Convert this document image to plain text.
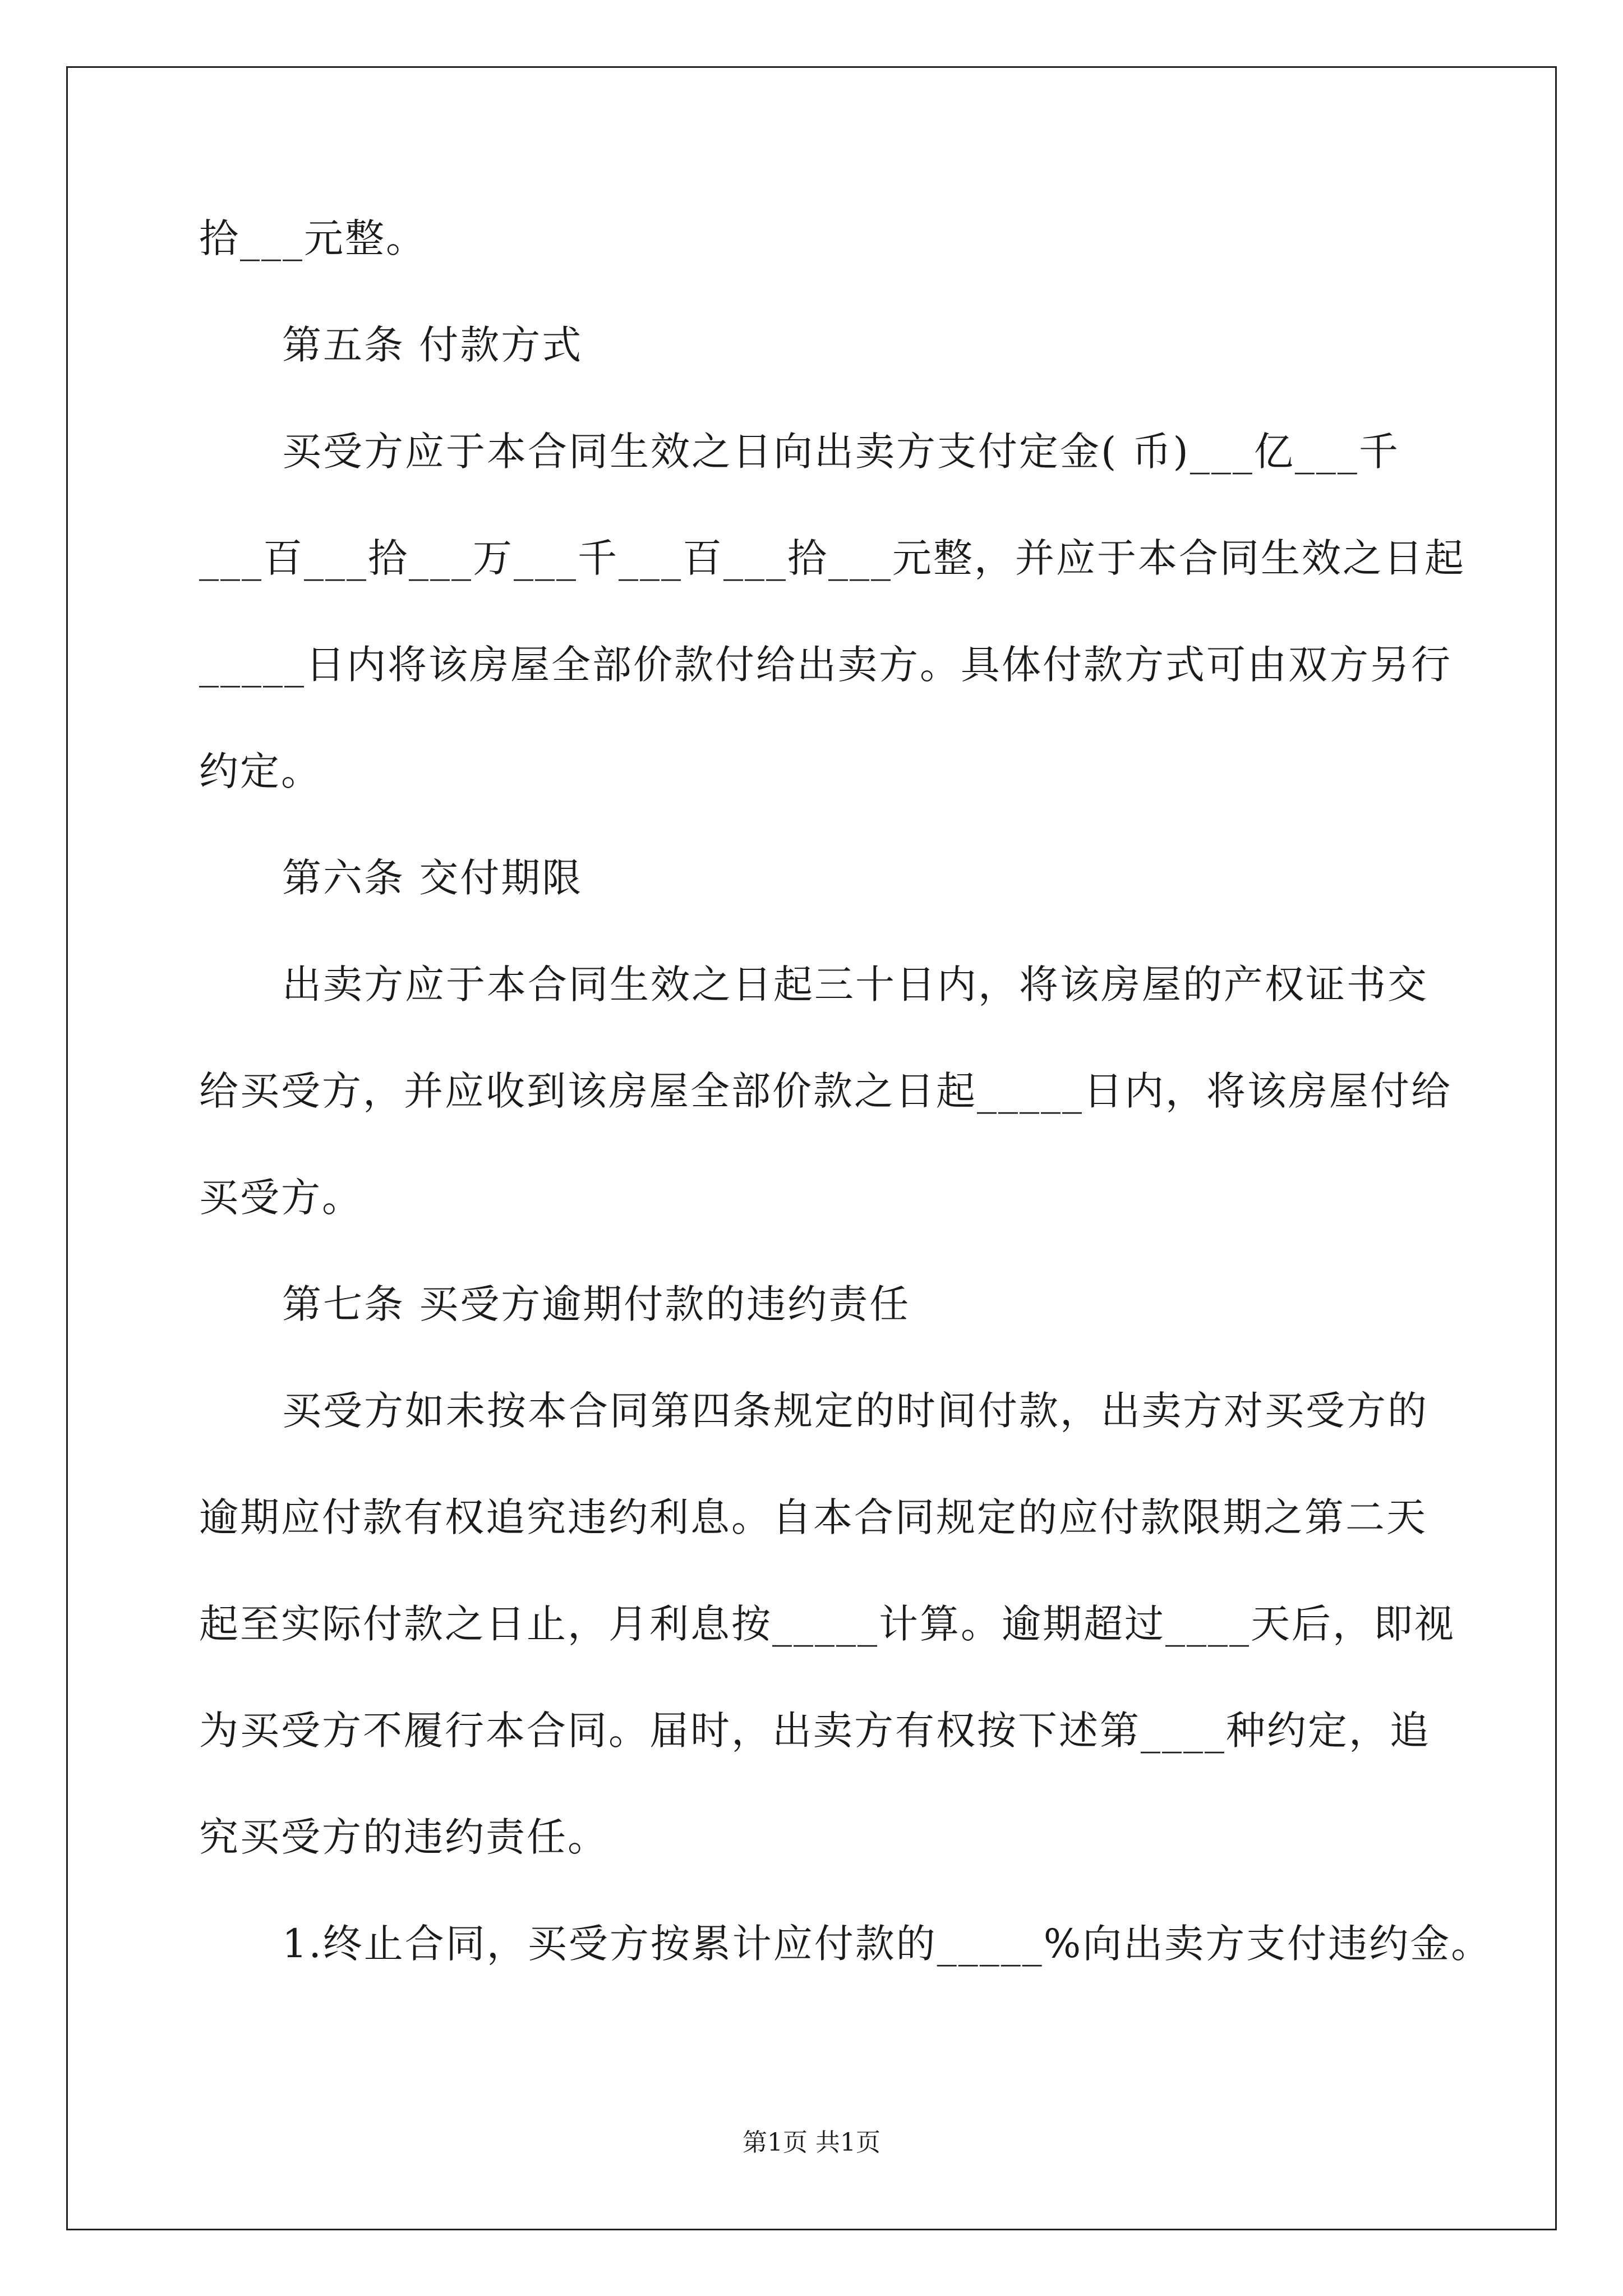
拾___元整。
第五条 付款方式
买受方应于本合同生效之日向出卖方支付定金( 币)___亿___千
___百___拾___万___千___百___拾___元整，并应于本合同生效之日起
_____日内将该房屋全部价款付给出卖方。具体付款方式可由双方另行
约定。
第六条 交付期限
出卖方应于本合同生效之日起三十日内，将该房屋的产权证书交
给买受方，并应收到该房屋全部价款之日起_____日内，将该房屋付给
买受方。
第七条 买受方逾期付款的违约责任
买受方如未按本合同第四条规定的时间付款，出卖方对买受方的
逾期应付款有权追究违约利息。自本合同规定的应付款限期之第二天
起至实际付款之日止，月利息按_____计算。逾期超过____天后，即视
为买受方不履行本合同。届时，出卖方有权按下述第____种约定，追
究买受方的违约责任。
1.终止合同，买受方按累计应付款的_____%向出卖方支付违约金。
第1页 共1页
